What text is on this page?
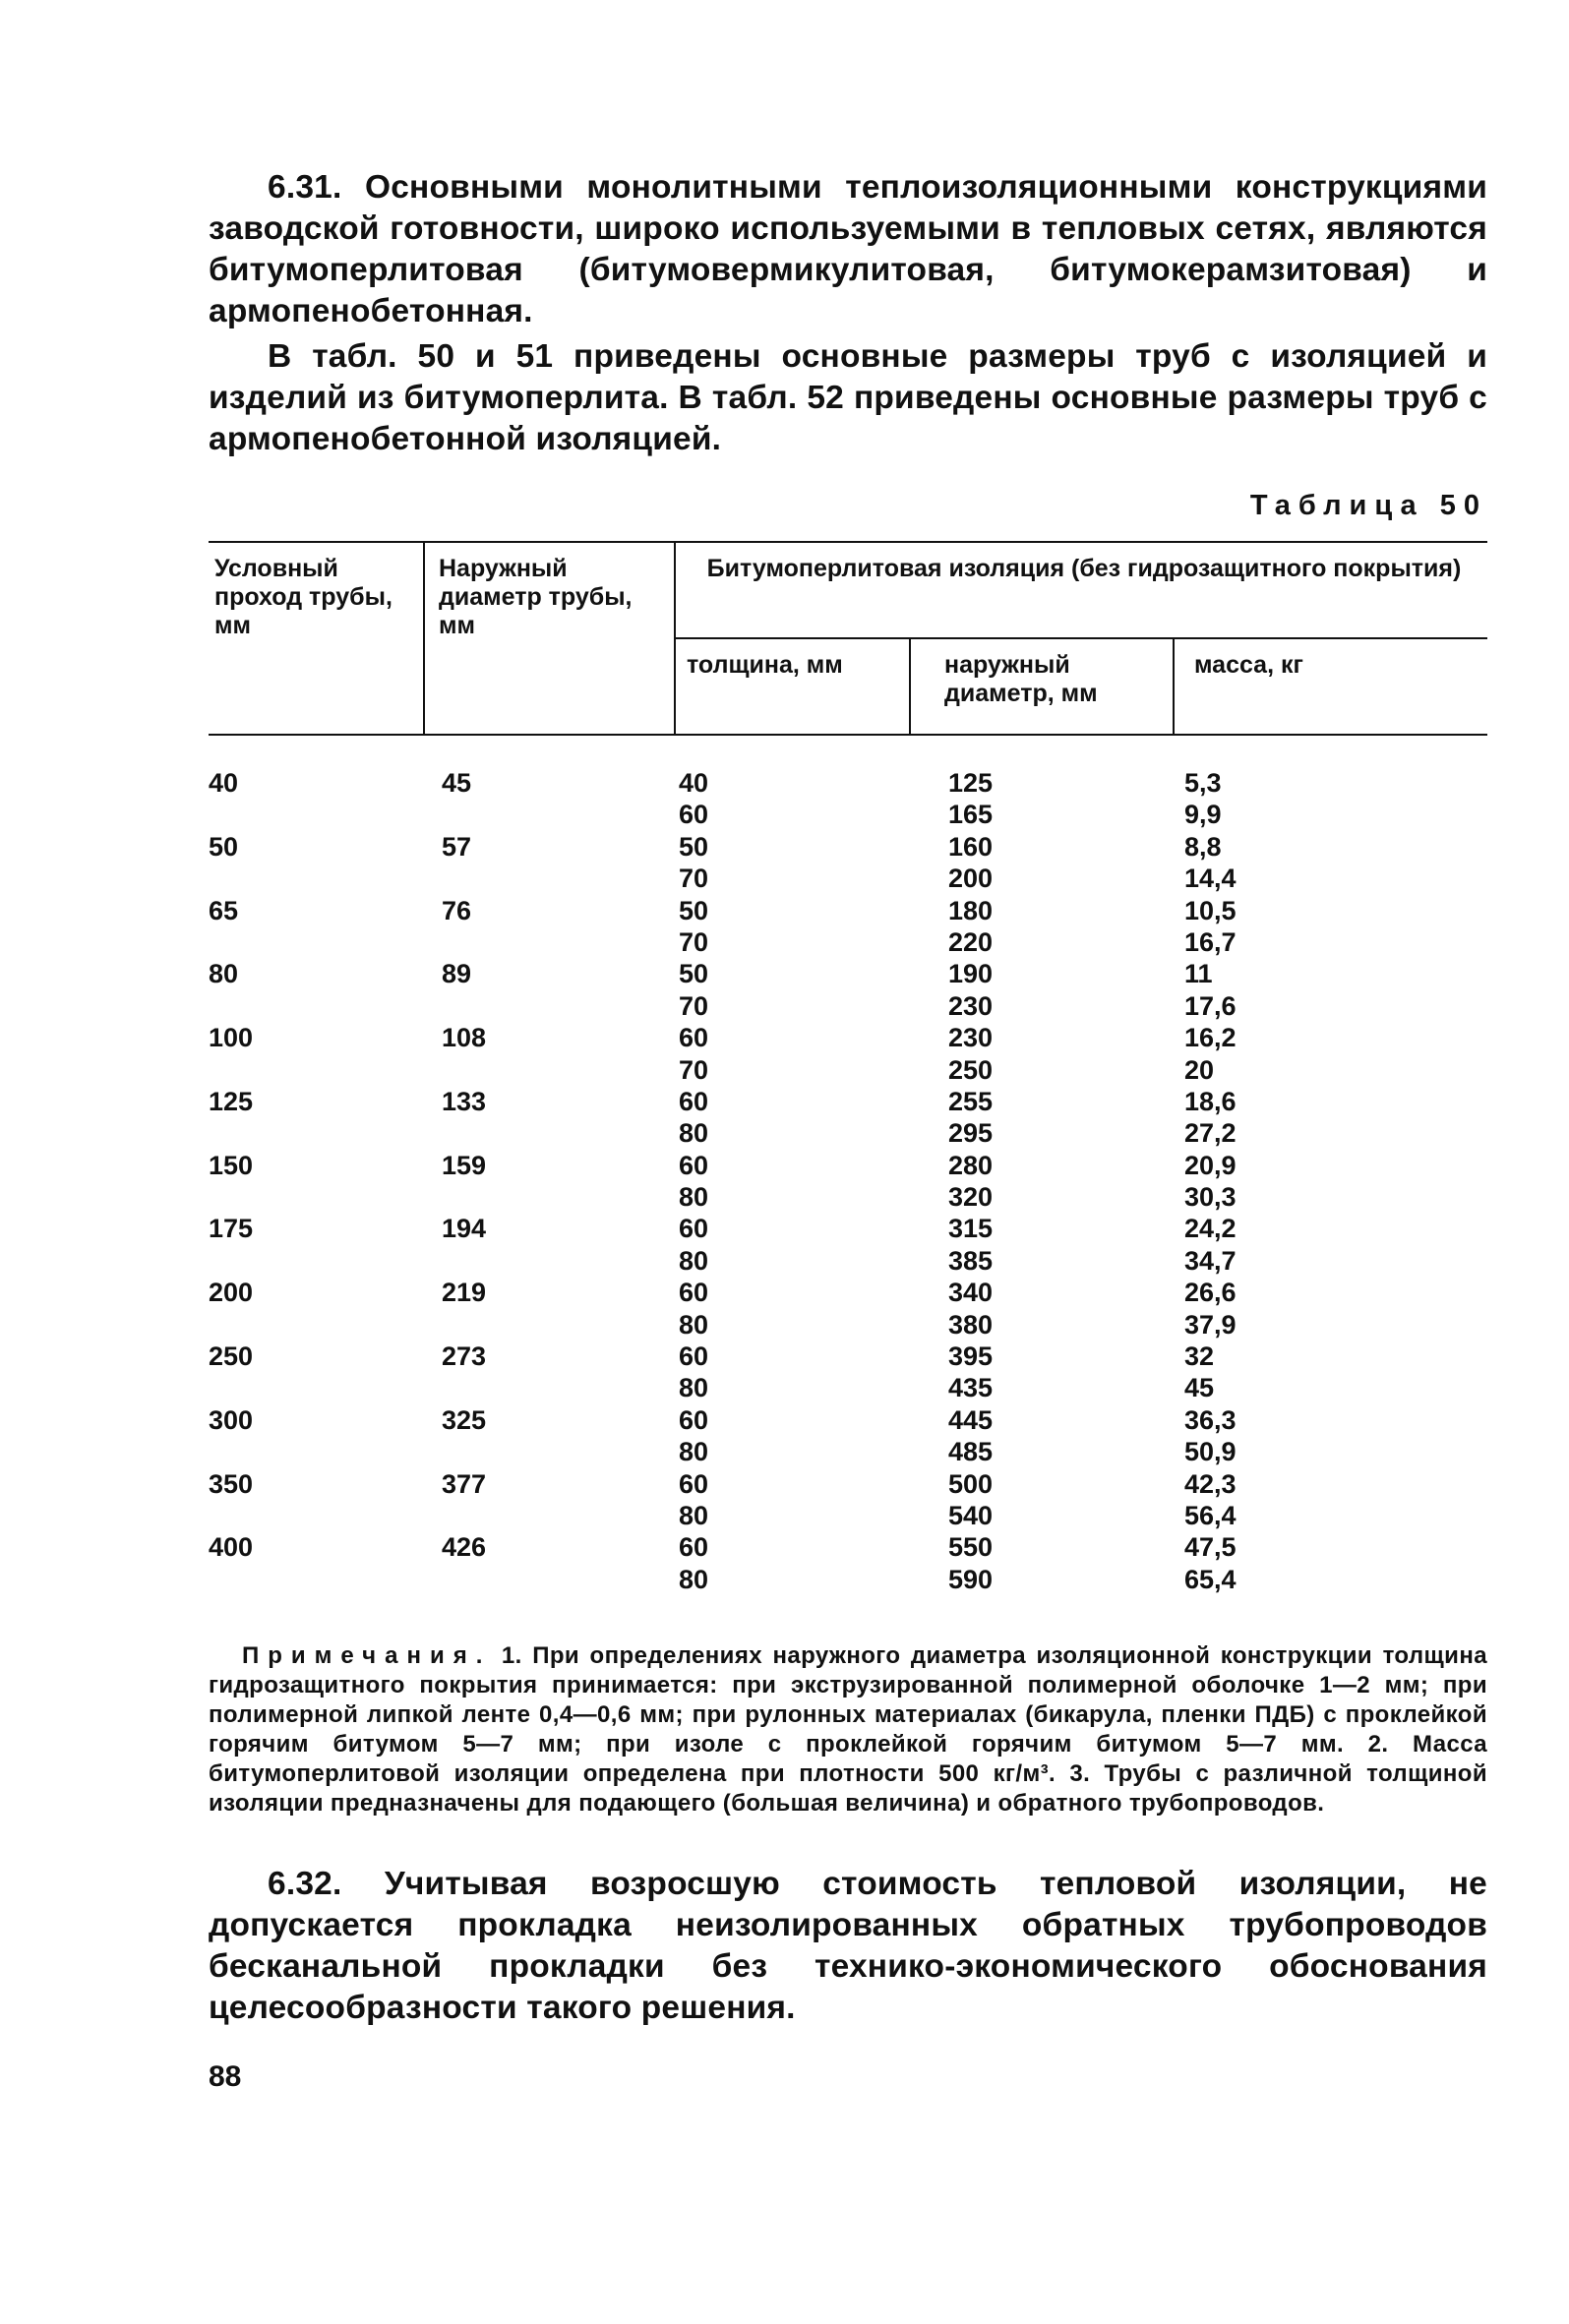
6.31. Основными монолитными теплоизоляционными конструкциями заводской готовности, широко используемыми в тепловых сетях, являются битумоперлитовая (битумовермикулитовая, битумокерамзитовая) и армопенобетонная.

В табл. 50 и 51 приведены основные размеры труб с изоляцией и изделий из битумоперлита. В табл. 52 приведены основные размеры труб с армопенобетонной изоляцией.

Таблица 50
Условный проход трубы, мм
Наружный диаметр трубы, мм
Битумоперлитовая изоляция (без гидрозащитного покрытия)
толщина, мм	наружный диаметр, мм
масса, кг
40
50
65
80
100
125
150
175
200
250
300
350
400
45
57
76
89
108
133
159
194
219
273
325
377
426
40
60
50
70
50
70
50
70
60
70
60
80
60
80
60
80
60
80
60
80
60
80
60
80
60
80
125
165
160
200
180
220
190
230
230
250
255
295
280
320
315
385
340
380
395
435
445
485
500
540
550
590
5,3
9,9
8,8
14,4
10,5
16,7
11
17,6
16,2
20
18,6
27,2
20,9
30,3
24,2
34,7
26,6
37,9
32
45
36,3
50,9
42,3
56,4
47,5
65,4
Примечания. 1. При определениях наружного диаметра изоляционной конструкции толщина гидрозащитного покрытия принимается: при экструзированной полимерной оболочке 1—2 мм; при полимерной липкой ленте 0,4—0,6 мм; при рулонных материалах (бикарула, пленки ПДБ) с проклейкой горячим битумом 5—7 мм; при изоле с проклейкой горячим битумом 5—7 мм. 2. Масса битумоперлитовой изоляции определена при плотности 500 кг/м³. 3. Трубы с различной толщиной изоляции предназначены для подающего (большая величина) и обратного трубопроводов.

6.32. Учитывая возросшую стоимость тепловой изоляции, не допускается прокладка неизолированных обратных трубопроводов бесканальной прокладки без технико-экономического обоснования целесообразности такого решения.

88
